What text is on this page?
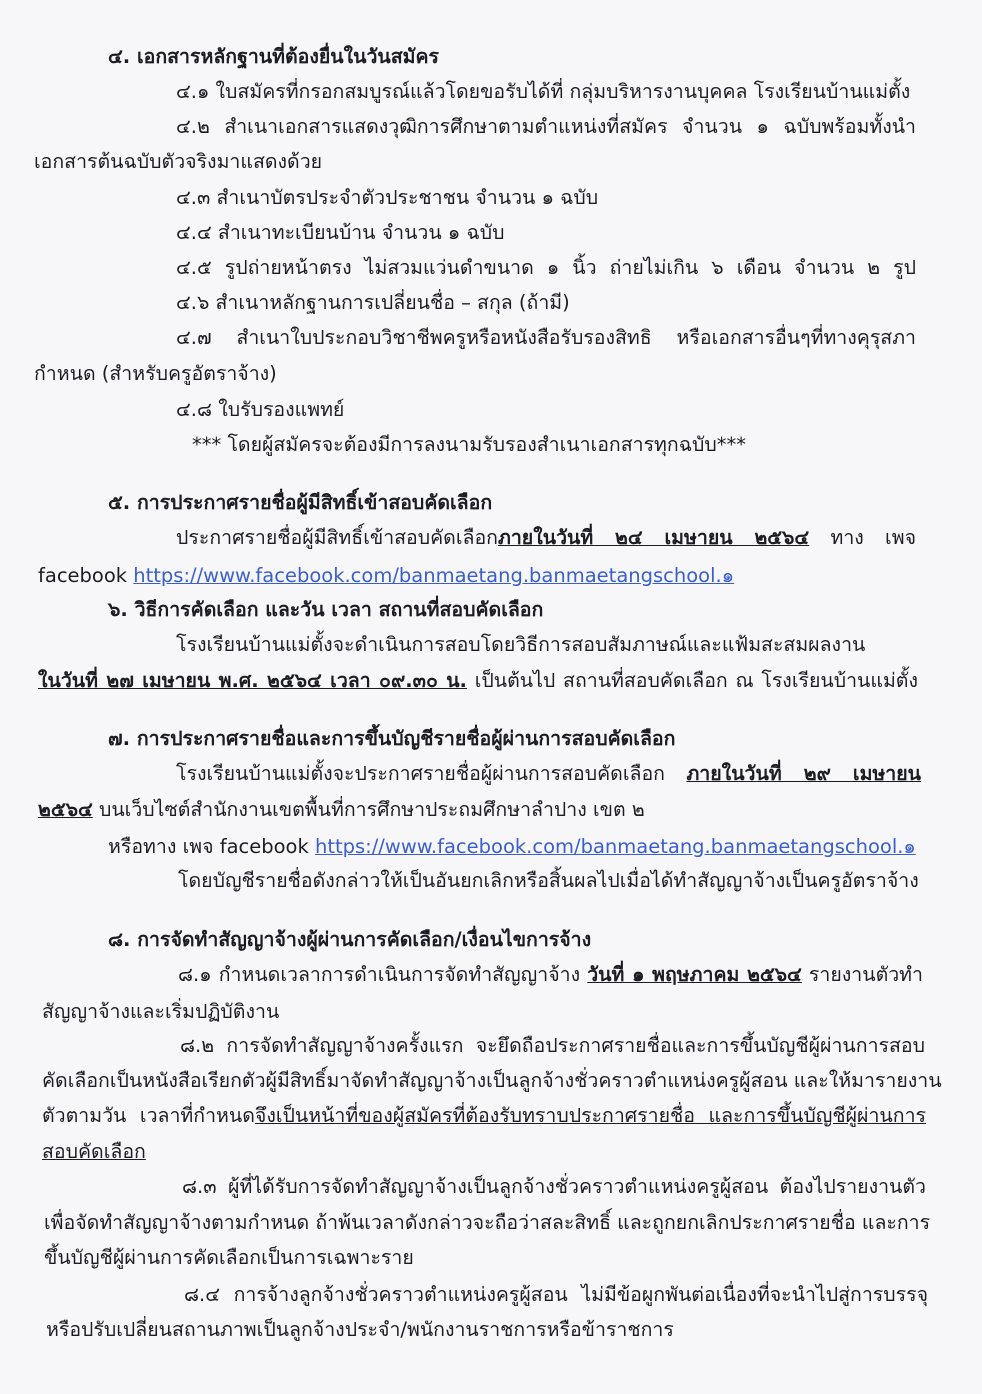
๔. เอกสารหลักฐานที่ต้องยื่นในวันสมัคร
๔.๑ ใบสมัครที่กรอกสมบูรณ์แล้วโดยขอรับได้ที่ กลุ่มบริหารงานบุคคล โรงเรียนบ้านแม่ตั้ง
๔.๒ สำเนาเอกสารแสดงวุฒิการศึกษาตามตำแหน่งที่สมัคร จำนวน ๑ ฉบับพร้อมทั้งนำ
เอกสารต้นฉบับตัวจริงมาแสดงด้วย
๔.๓ สำเนาบัตรประจำตัวประชาชน จำนวน ๑ ฉบับ
๔.๔ สำเนาทะเบียนบ้าน จำนวน ๑ ฉบับ
๔.๕ รูปถ่ายหน้าตรง ไม่สวมแว่นดำขนาด ๑ นิ้ว ถ่ายไม่เกิน ๖ เดือน จำนวน ๒ รูป
๔.๖ สำเนาหลักฐานการเปลี่ยนชื่อ – สกุล (ถ้ามี)
๔.๗ สำเนาใบประกอบวิชาชีพครูหรือหนังสือรับรองสิทธิ หรือเอกสารอื่นๆที่ทางคุรุสภา
กำหนด (สำหรับครูอัตราจ้าง)
๔.๘ ใบรับรองแพทย์
*** โดยผู้สมัครจะต้องมีการลงนามรับรองสำเนาเอกสารทุกฉบับ***
๕. การประกาศรายชื่อผู้มีสิทธิ์เข้าสอบคัดเลือก
ประกาศรายชื่อผู้มีสิทธิ์เข้าสอบคัดเลือกภายในวันที่ ๒๔ เมษายน ๒๕๖๔ ทาง เพจ
facebook https://www.facebook.com/banmaetang.banmaetangschool.๑
๖. วิธีการคัดเลือก และวัน เวลา สถานที่สอบคัดเลือก
โรงเรียนบ้านแม่ตั้งจะดำเนินการสอบโดยวิธีการสอบสัมภาษณ์และแฟ้มสะสมผลงาน
ในวันที่ ๒๗ เมษายน พ.ศ. ๒๕๖๔ เวลา ๐๙.๓๐ น. เป็นต้นไป สถานที่สอบคัดเลือก ณ โรงเรียนบ้านแม่ตั้ง
๗. การประกาศรายชื่อและการขึ้นบัญชีรายชื่อผู้ผ่านการสอบคัดเลือก
โรงเรียนบ้านแม่ตั้งจะประกาศรายชื่อผู้ผ่านการสอบคัดเลือก ภายในวันที่ ๒๙ เมษายน
๒๕๖๔ บนเว็บไซต์สำนักงานเขตพื้นที่การศึกษาประถมศึกษาลำปาง เขต ๒
หรือทาง เพจ facebook https://www.facebook.com/banmaetang.banmaetangschool.๑
โดยบัญชีรายชื่อดังกล่าวให้เป็นอันยกเลิกหรือสิ้นผลไปเมื่อได้ทำสัญญาจ้างเป็นครูอัตราจ้าง
๘. การจัดทำสัญญาจ้างผู้ผ่านการคัดเลือก/เงื่อนไขการจ้าง
๘.๑ กำหนดเวลาการดำเนินการจัดทำสัญญาจ้าง วันที่ ๑ พฤษภาคม ๒๕๖๔ รายงานตัวทำ
สัญญาจ้างและเริ่มปฏิบัติงาน
๘.๒ การจัดทำสัญญาจ้างครั้งแรก จะยึดถือประกาศรายชื่อและการขึ้นบัญชีผู้ผ่านการสอบ
คัดเลือกเป็นหนังสือเรียกตัวผู้มีสิทธิ์มาจัดทำสัญญาจ้างเป็นลูกจ้างชั่วคราวตำแหน่งครูผู้สอน และให้มารายงาน
ตัวตามวัน เวลาที่กำหนดจึงเป็นหน้าที่ของผู้สมัครที่ต้องรับทราบประกาศรายชื่อ และการขึ้นบัญชีผู้ผ่านการ
สอบคัดเลือก
๘.๓ ผู้ที่ได้รับการจัดทำสัญญาจ้างเป็นลูกจ้างชั่วคราวตำแหน่งครูผู้สอน ต้องไปรายงานตัว
เพื่อจัดทำสัญญาจ้างตามกำหนด ถ้าพ้นเวลาดังกล่าวจะถือว่าสละสิทธิ์ และถูกยกเลิกประกาศรายชื่อ และการ
ขึ้นบัญชีผู้ผ่านการคัดเลือกเป็นการเฉพาะราย
๘.๔ การจ้างลูกจ้างชั่วคราวตำแหน่งครูผู้สอน ไม่มีข้อผูกพันต่อเนื่องที่จะนำไปสู่การบรรจุ
หรือปรับเปลี่ยนสถานภาพเป็นลูกจ้างประจำ/พนักงานราชการหรือข้าราชการ
